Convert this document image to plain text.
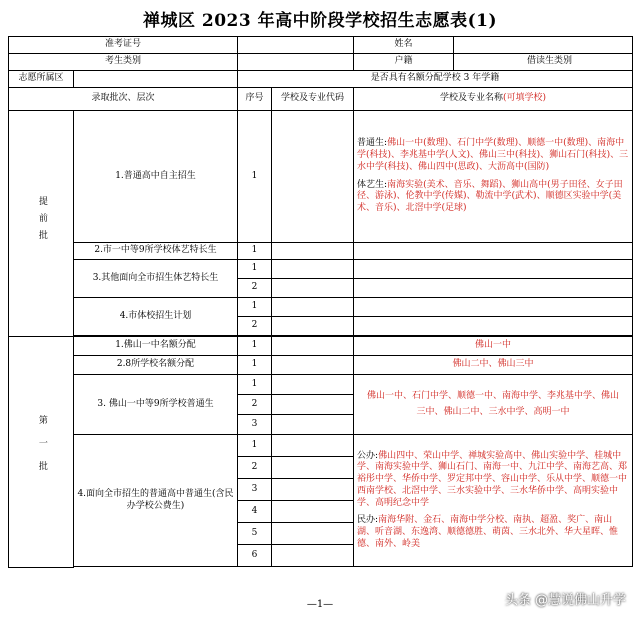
禅城区 2023 年高中阶段学校招生志愿表(1)
准考证号				姓名	
考生类别				户籍	借读生类别
志愿所属区		是否具有名额分配学校 3 年学籍			
录取批次、层次		序号	学校及专业代码	学校及专业名称(可填学校)	
提前批	1.普通高中自主招生	1		普通生:佛山一中(数理)、石门中学(数理)、顺德一中(数理)、南海中学(科技)、李兆基中学(人文)、佛山三中(科技)、狮山石门(科技)、三水中学(科技)、佛山四中(思政)、大沥高中(国防)
体艺生:南海实验(美术、音乐、舞蹈)、狮山高中(男子田径、女子田径、游泳)、伦教中学(传媒)、勒流中学(武术)、顺德区实验中学(美术、音乐)、北滘中学(足球)	

	2.市一中等9所学校体艺特长生	1			
	3.其他面向全市招生体艺特长生	1			
		2			
	4.市体校招生计划	1			
		2			

第一批	1.佛山一中名额分配	1		佛山一中	
	2.8所学校名额分配	1		佛山二中、佛山三中	
	3. 佛山一中等9所学校普通生	1		佛山一中、石门中学、顺德一中、南海中学、李兆基中学、佛山三中、佛山二中、三水中学、高明一中	
		2			
		3			
	4.面向全市招生的普通高中普通生(含民办学校公费生)	1		公办:佛山四中、荣山中学、禅城实验高中、佛山实验中学、桂城中学、南海实验中学、狮山石门、南海一中、九江中学、南海艺高、郑裕彤中学、华侨中学、罗定邦中学、容山中学、乐从中学、顺德一中西南学校、北滘中学、三水实验中学、三水华侨中学、高明实验中学、高明纪念中学
民办:南海华附、金石、南海中学分校、南执、超盈、奖广、南山湖、听音湖、东逸湾、顺德德胜、萌茵、三水北外、华大星晖、惟德、南外、岭美	

		2			
		3			
		4			
		5			
		6			

—1—	头条 @慧说佛山升学
